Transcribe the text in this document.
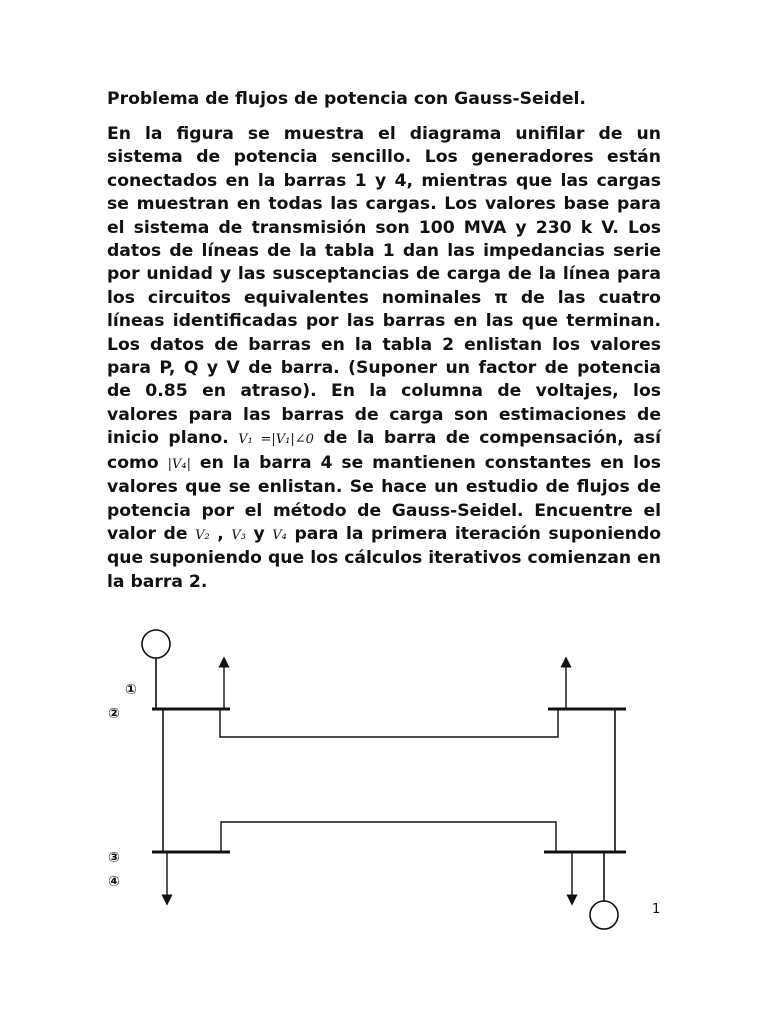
Problema de flujos de potencia con Gauss-Seidel.

En la figura se muestra el diagrama unifilar de un sistema de potencia sencillo. Los generadores están conectados en la barras 1 y 4, mientras que las cargas se muestran en todas las cargas. Los valores base para el sistema de transmisión son 100 MVA y 230 k V. Los datos de líneas de la tabla 1 dan las impedancias serie por unidad y las susceptancias de carga de la línea para los circuitos equivalentes nominales π de las cuatro líneas identificadas por las barras en las que terminan. Los datos de barras en la tabla 2 enlistan los valores para P, Q y V de barra. (Suponer un factor de potencia de 0.85 en atraso). En la columna de voltajes, los valores para las barras de carga son estimaciones de inicio plano. V₁ =|V₁|∠0 de la barra de compensación, así como |V₄| en la barra 4 se mantienen constantes en los valores que se enlistan. Se hace un estudio de flujos de potencia por el método de Gauss-Seidel. Encuentre el valor de V₂ , V₃ y V₄ para la primera iteración suponiendo que suponiendo que los cálculos iterativos comienzan en la barra 2.

①
②
③
④
1
